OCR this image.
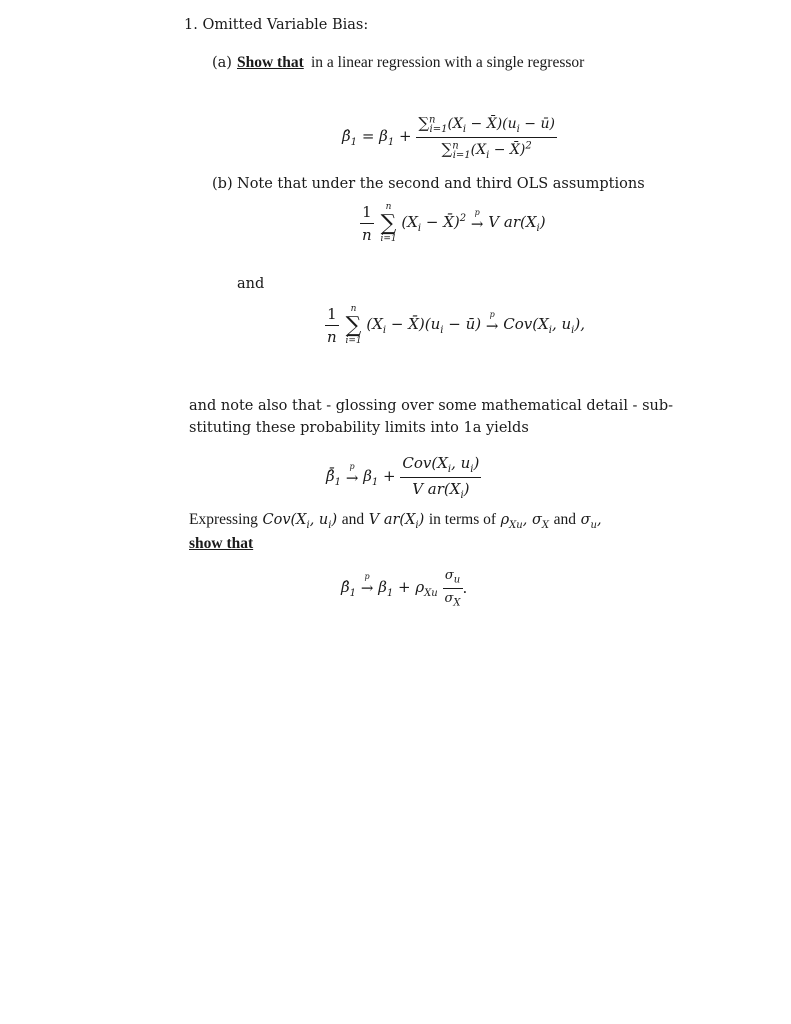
1. Omitted Variable Bias:
(a) Show that in a linear regression with a single regressor
$\betâ_1 = \beta_1 + \frac{\sum^n_{i=1}(X_i - X̄)(u_i - ū)}{\sum^n_{i=1}(X_i - X̄)^2}$
(b) Note that under the second and third OLS assumptions
$\frac{1}{n}$
	n
∑
i=1
($X_i$ − X̄)$^2$ →
p
V $ar(X_i)$
and
$\frac{1}{n}$
	n
∑
i=1
($X_i$ − $X̄)(u_i$ − ū) →
p
$Cov(X_i$, $u_i$),
and note also that - glossing over some mathematical detail - sub-
stituting these probability limits into 1a yields
$\betâ̄_1$ →
p
$\beta_1 + \frac{Cov(X_i, u_i)}{V ar(X_i)}$
Expressing $Cov(X_i$, $u_i$) and V $ar(X_i)$ in terms of $\rho_{Xu}$, $\sigma_X$ and $\sigma_u$,
show that
$\betâ_1$ →
p
$\beta_1 + \rho_{Xu} \frac{\sigma_u}{\sigma_X}$ .
